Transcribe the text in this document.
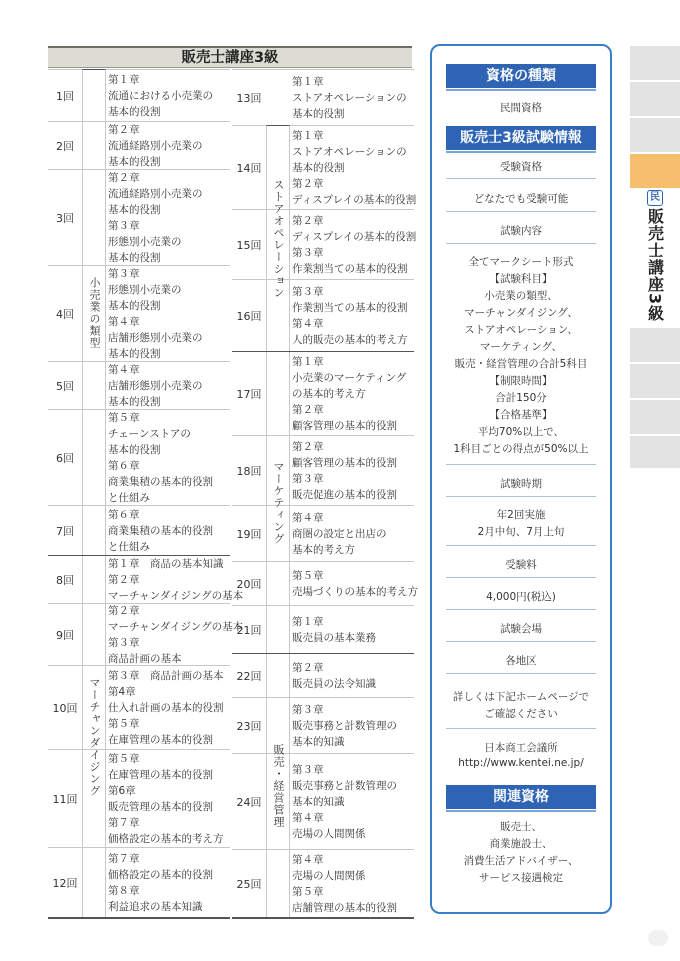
販売士講座3級
1回
第１章
流通における小売業の
基本的役割
2回
第２章
流通経路別小売業の
基本的役割
3回
第２章
流通経路別小売業の
基本的役割
第３章
形態別小売業の
基本的役割
4回
第３章
形態別小売業の
基本的役割
第４章
店舗形態別小売業の
基本的役割
5回
第４章
店舗形態別小売業の
基本的役割
6回
第５章
チェーンストアの
基本的役割
第６章
商業集積の基本的役割
と仕組み
7回
第６章
商業集積の基本的役割
と仕組み
8回
第１章　商品の基本知識
第２章
マーチャンダイジングの基本
9回
第２章
マーチャンダイジングの基本
第３章
商品計画の基本
10回
第３章　商品計画の基本
第4章
仕入れ計画の基本的役割
第５章
在庫管理の基本的役割
11回
第５章
在庫管理の基本的役割
第6章
販売管理の基本的役割
第７章
価格設定の基本的考え方
12回
第７章
価格設定の基本的役割
第８章
利益追求の基本知識
小売業の類型
マーチャンダイジング
13回
第１章
ストアオペレーションの
基本的役割
14回
第１章
ストアオペレーションの
基本的役割
第２章
ディスプレイの基本的役割
15回
第２章
ディスプレイの基本的役割
第３章
作業割当ての基本的役割
16回
第３章
作業割当ての基本的役割
第４章
人的販売の基本的考え方
17回
第１章
小売業のマーケティング
の基本的考え方
第２章
顧客管理の基本的役割
18回
第２章
顧客管理の基本的役割
第３章
販売促進の基本的役割
19回
第４章
商圏の設定と出店の
基本的考え方
20回
第５章
売場づくりの基本的考え方
21回
第１章
販売員の基本業務
22回
第２章
販売員の法令知識
23回
第３章
販売事務と計数管理の
基本的知識
24回
第３章
販売事務と計数管理の
基本的知識
第４章
売場の人間関係
25回
第４章
売場の人間関係
第５章
店舗管理の基本的役割
ストアオペレーション
マーケティング
販売・経営管理
資格の種類
民間資格
販売士3級試験情報
受験資格
どなたでも受験可能
試験内容
全てマークシート形式
【試験科目】
小売業の類型、
マーチャンダイジング、
ストアオペレーション、
マーケティング、
販売・経営管理の合計5科目
【制限時間】
合計150分
【合格基準】
平均70%以上で、
1科目ごとの得点が50%以上
試験時期
年2回実施
2月中旬、7月上旬
受験料
4,000円(税込)
試験会場
各地区
詳しくは下記ホームページで
ご確認ください
日本商工会議所
http://www.kentei.ne.jp/
関連資格
販売士、
商業施設士、
消費生活アドバイザー、
サービス接遇検定
民
販売士講座3級
